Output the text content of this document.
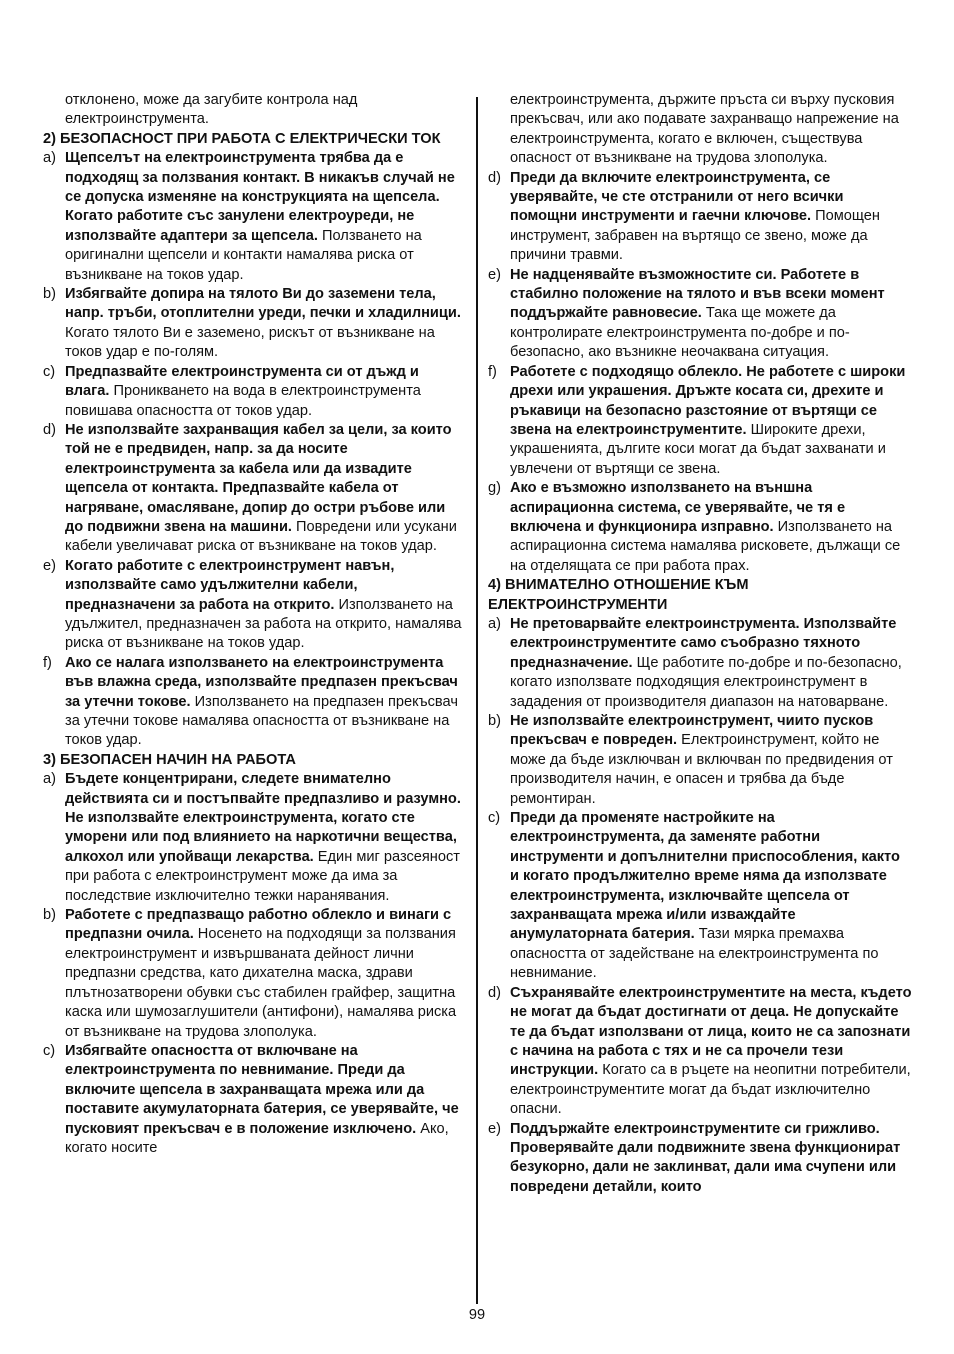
отклонено, може да загубите контрола над електроинструмента.

2) БЕЗОПАСНОСТ ПРИ РАБОТА С ЕЛЕКТРИЧЕСКИ ТОК

a) Щепселът на електроинструмента трябва да е подходящ за ползвания контакт. В никакъв случай не се допуска изменяне на конструкцията на щепсела. Когато работите със занулени електроуреди, не използвайте адаптери за щепсела. Ползването на оригинални щепсели и контакти намалява риска от възникване на токов удар.

b) Избягвайте допира на тялото Ви до заземени тела, напр. тръби, отоплителни уреди, печки и хладилници. Когато тялото Ви е заземено, рискът от възникване на токов удар е по-голям.

c) Предпазвайте електроинструмента си от дъжд и влага. Проникването на вода в електроинструмента повишава опасността от токов удар.

d) Не използвайте захранващия кабел за цели, за които той не е предвиден, напр. за да носите електроинструмента за кабела или да извадите щепсела от контакта. Предпазвайте кабела от нагряване, омасляване, допир до остри ръбове или до подвижни звена на машини. Повредени или усукани кабели увеличават риска от възникване на токов удар.

e) Когато работите с електроинструмент навън, използвайте само удължителни кабели, предназначени за работа на открито. Използването на удължител, предназначен за работа на открито, намалява риска от възникване на токов удар.

f) Ако се налага използването на електроинструмента във влажна среда, използвайте предпазен прекъсвач за утечни токове. Използването на предпазен прекъсвач за утечни токове намалява опасността от възникване на токов удар.

3) БЕЗОПАСЕН НАЧИН НА РАБОТА

a) Бъдете концентрирани, следете внимателно действията си и постъпвайте предпазливо и разумно. Не използвайте електроинструмента, когато сте уморени или под влиянието на наркотични вещества, алкохол или упойващи лекарства. Един миг разсеяност при работа с електроинструмент може да има за последствие изключително тежки наранявания.

b) Работете с предпазващо работно облекло и винаги с предпазни очила. Носенето на подходящи за ползвания електроинструмент и извършваната дейност лични предпазни средства, като дихателна маска, здрави плътнозатворени обувки със стабилен грайфер, защитна каска или шумозаглушители (антифони), намалява риска от възникване на трудова злополука.

c) Избягвайте опасността от включване на електроинструмента по невнимание. Преди да включите щепсела в захранващата мрежа или да поставите акумулаторната батерия, се уверявайте, че пусковият прекъсвач е в положение изключено. Ако, когато носите

електроинструмента, държите пръста си върху пусковия прекъсвач, или ако подавате захранващо напрежение на електроинструмента, когато е включен, съществува опасност от възникване на трудова злополука.

d) Преди да включите електроинструмента, се уверявайте, че сте отстранили от него всички помощни инструменти и гаечни ключове. Помощен инструмент, забравен на въртящо се звено, може да причини травми.

e) Не надценявайте възможностите си. Работете в стабилно положение на тялото и във всеки момент поддържайте равновесие. Така ще можете да контролирате електроинструмента по-добре и по-безопасно, ако възникне неочаквана ситуация.

f) Работете с подходящо облекло. Не работете с широки дрехи или украшения. Дръжте косата си, дрехите и ръкавици на безопасно разстояние от въртящи се звена на електроинструментите. Широките дрехи, украшенията, дългите коси могат да бъдат захванати и увлечени от въртящи се звена.

g) Ако е възможно използването на външна аспирационна система, се уверявайте, че тя е включена и функционира изправно. Използването на аспирационна система намалява рисковете, дължащи се на отделящата се при работа прах.

4) ВНИМАТЕЛНО ОТНОШЕНИЕ КЪМ ЕЛЕКТРОИНСТРУМЕНТИ

a) Не претоварвайте електроинструмента. Използвайте електроинструментите само съобразно тяхното предназначение. Ще работите по-добре и по-безопасно, когато използвате подходящия електроинструмент в зададения от производителя диапазон на натоварване.

b) Не използвайте електроинструмент, чиито пусков прекъсвач е повреден. Електроинструмент, който не може да бъде изключван и включван по предвидения от производителя начин, е опасен и трябва да бъде ремонтиран.

c) Преди да променяте настройките на електроинструмента, да заменяте работни инструменти и допълнителни приспособления, както и когато продължително време няма да използвате електроинструмента, изключвайте щепсела от захранващата мрежа и/или изваждайте анумулаторната батерия. Тази мярка премахва опасността от задействане на електроинструмента по невнимание.

d) Съхранявайте електроинструментите на места, където не могат да бъдат достигнати от деца. Не допускайте те да бъдат използвани от лица, които не са запознати с начина на работа с тях и не са прочели тези инструкции. Когато са в ръцете на неопитни потребители, електроинструментите могат да бъдат изключително опасни.

e) Поддържайте електроинструментите си грижливо. Проверявайте дали подвижните звена функционират безукорно, дали не заклинват, дали има счупени или повредени детайли, които

99
